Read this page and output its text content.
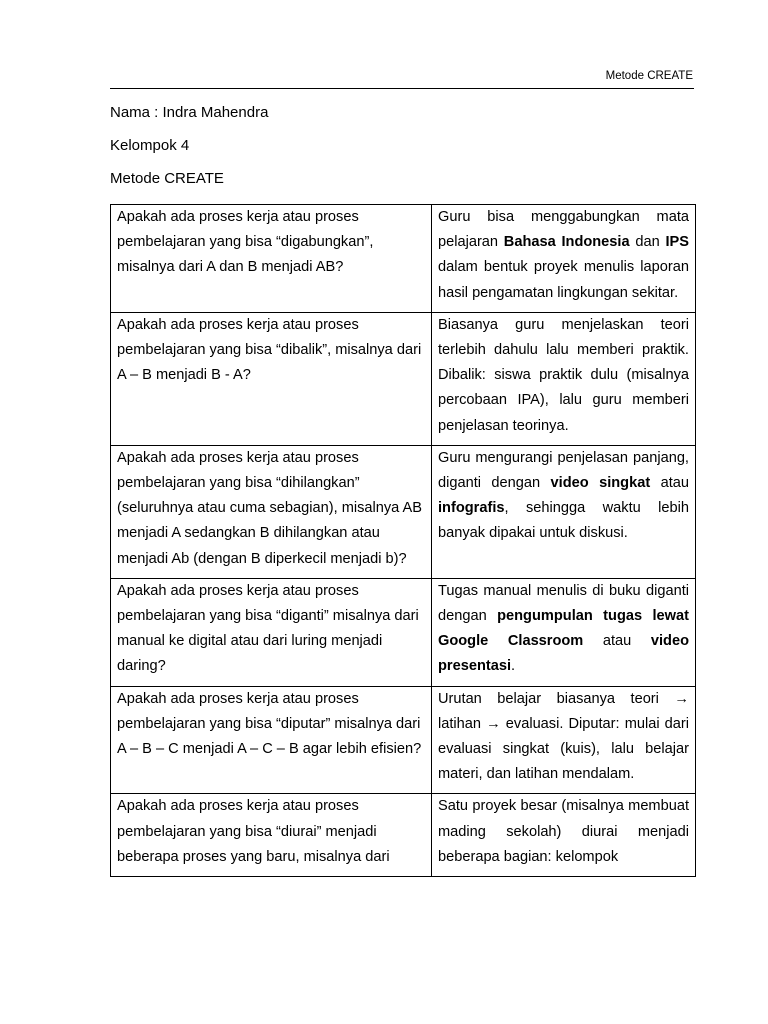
Metode CREATE
Nama : Indra Mahendra
Kelompok 4
Metode CREATE
Apakah ada proses kerja atau proses pembelajaran yang bisa “digabungkan”, misalnya dari A dan B menjadi AB?	Guru bisa menggabungkan mata pelajaran Bahasa Indonesia dan IPS dalam bentuk proyek menulis laporan hasil pengamatan lingkungan sekitar.
Apakah ada proses kerja atau proses pembelajaran yang bisa “dibalik”, misalnya dari A – B menjadi B - A?	Biasanya guru menjelaskan teori terlebih dahulu lalu memberi praktik. Dibalik: siswa praktik dulu (misalnya percobaan IPA), lalu guru memberi penjelasan teorinya.
Apakah ada proses kerja atau proses pembelajaran yang bisa “dihilangkan” (seluruhnya atau cuma sebagian), misalnya AB menjadi A sedangkan B dihilangkan atau menjadi Ab (dengan B diperkecil menjadi b)?	Guru mengurangi penjelasan panjang, diganti dengan video singkat atau infografis, sehingga waktu lebih banyak dipakai untuk diskusi.
Apakah ada proses kerja atau proses pembelajaran yang bisa “diganti” misalnya dari manual ke digital atau dari luring menjadi daring?	Tugas manual menulis di buku diganti dengan pengumpulan tugas lewat Google Classroom atau video presentasi.
Apakah ada proses kerja atau proses pembelajaran yang bisa “diputar” misalnya dari A – B – C menjadi A – C – B agar lebih efisien?	Urutan belajar biasanya teori → latihan → evaluasi. Diputar: mulai dari evaluasi singkat (kuis), lalu belajar materi, dan latihan mendalam.
Apakah ada proses kerja atau proses pembelajaran yang bisa “diurai” menjadi beberapa proses yang baru, misalnya dari	Satu proyek besar (misalnya membuat mading sekolah) diurai menjadi beberapa bagian: kelompok
